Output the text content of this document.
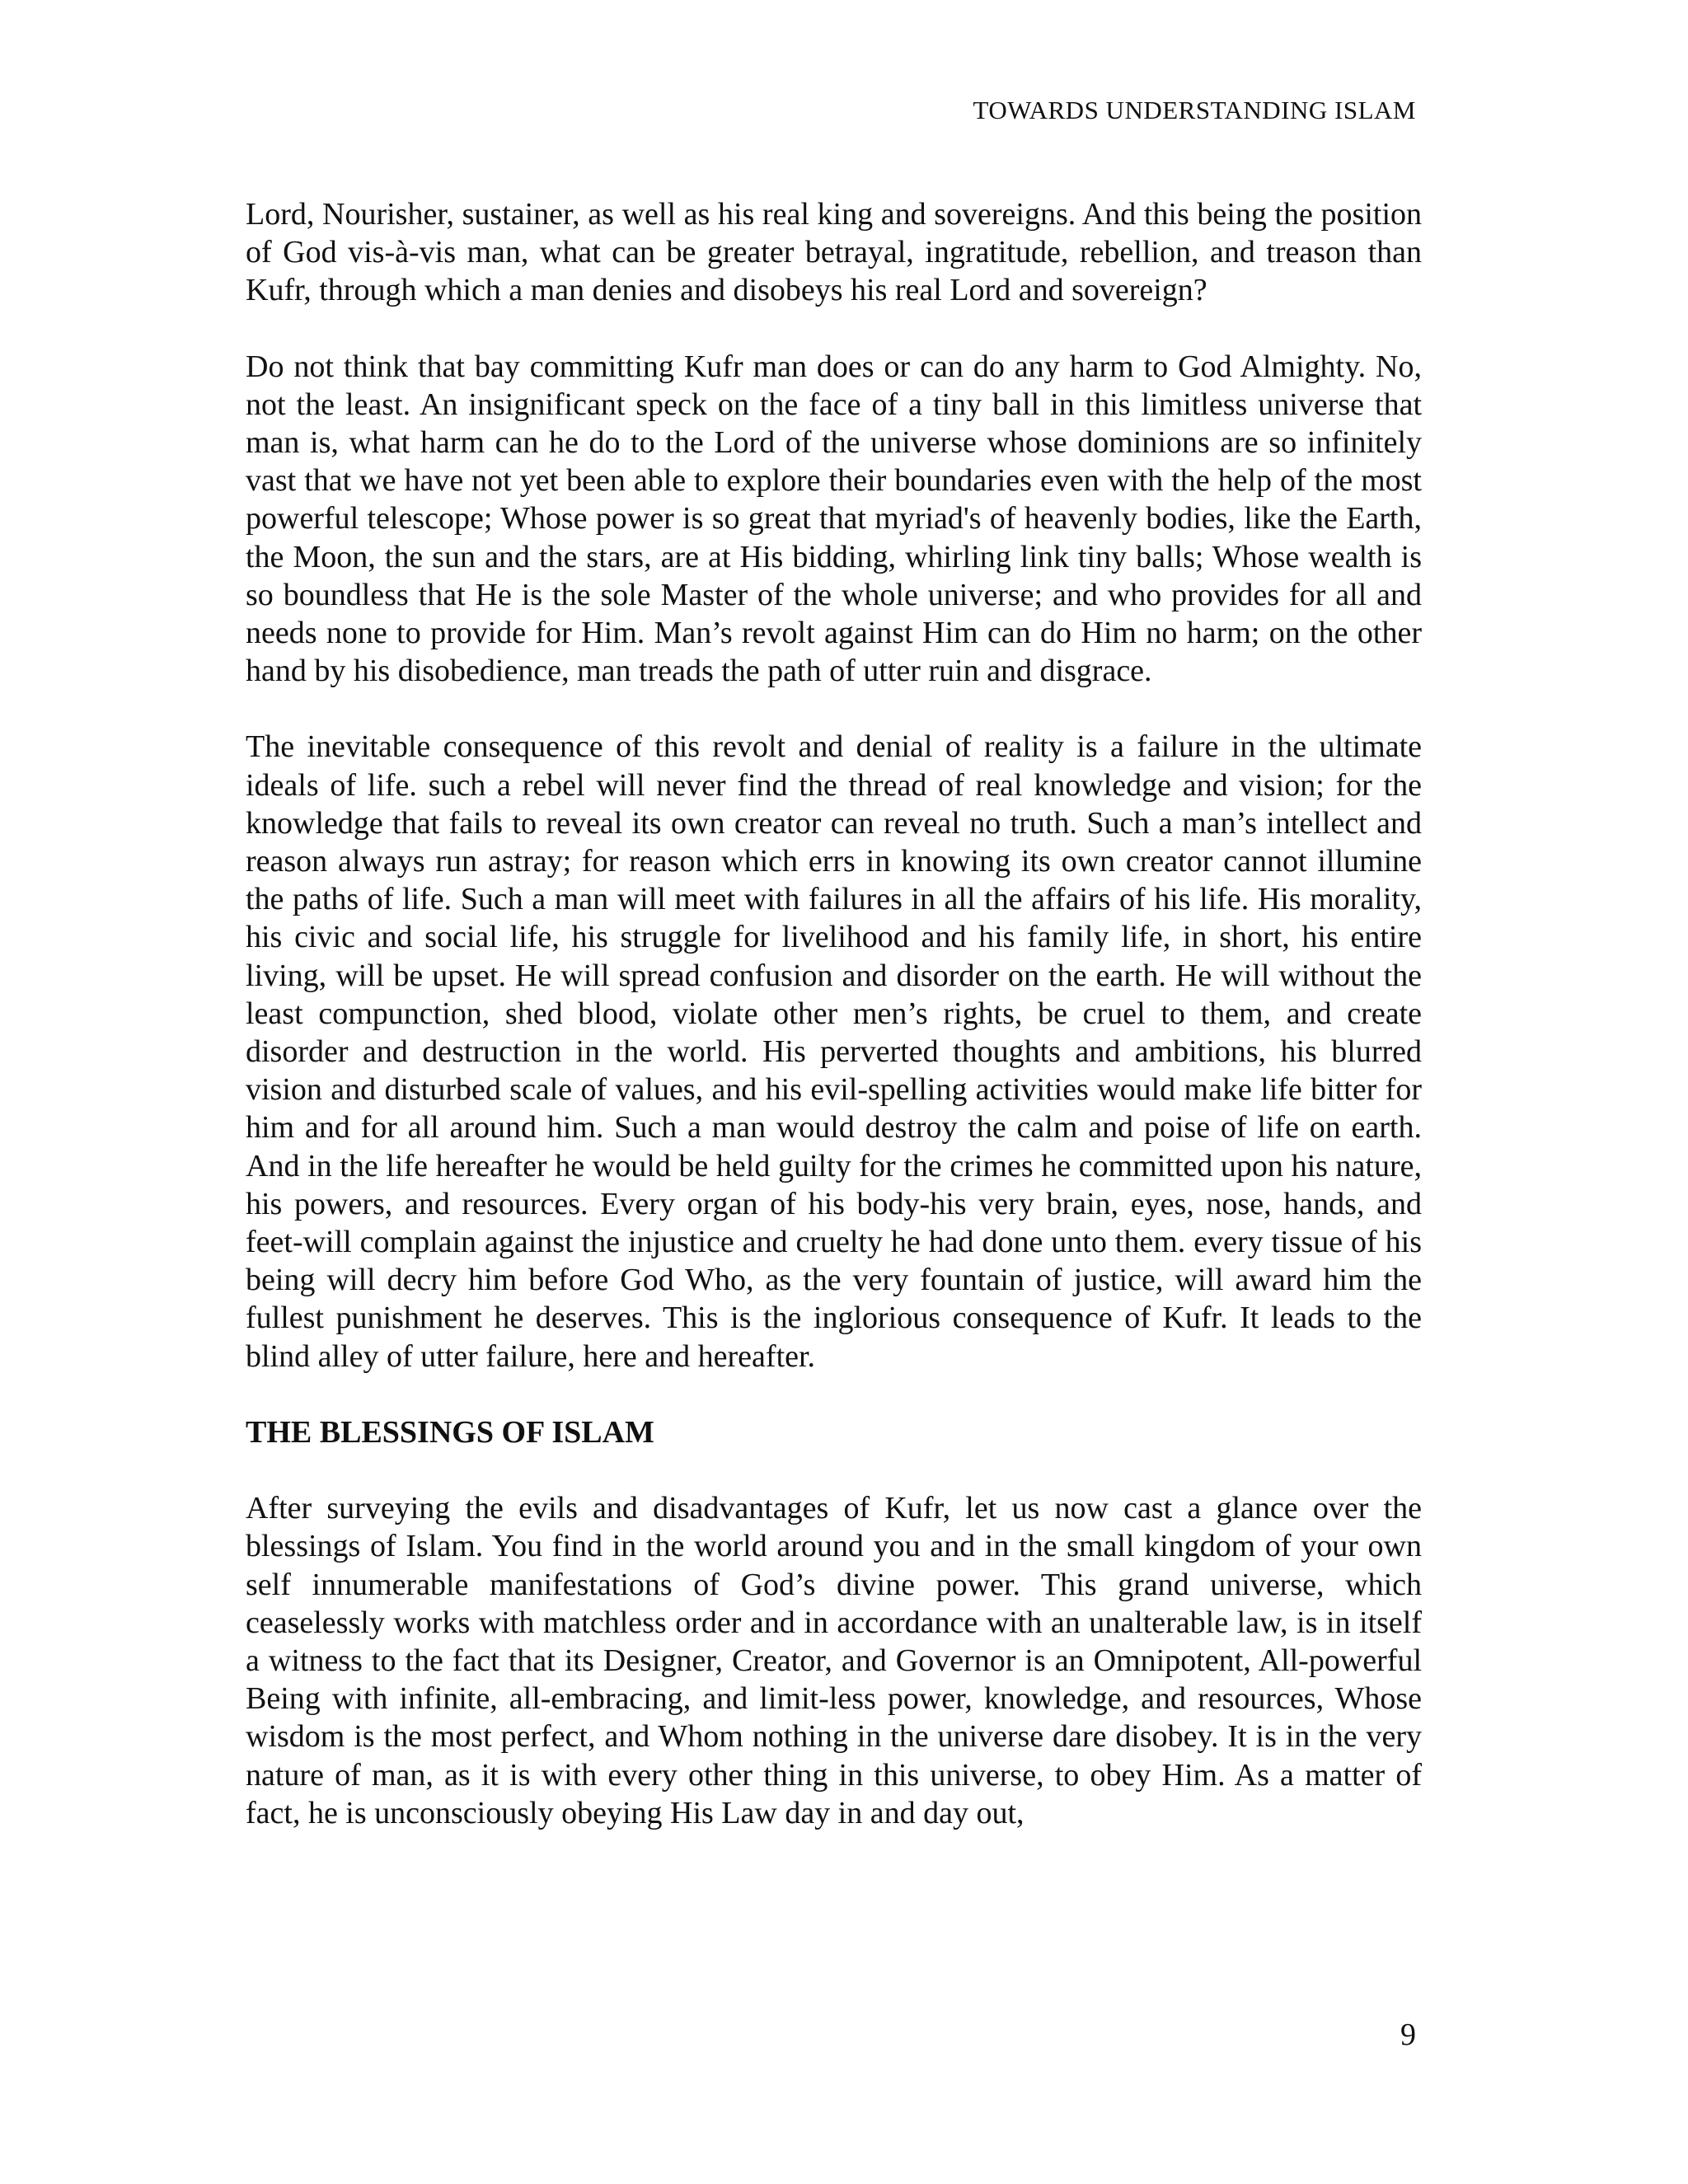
TOWARDS UNDERSTANDING ISLAM

Lord, Nourisher, sustainer, as well as his real king and sovereigns. And this being the position of God vis-à-vis man, what can be greater betrayal, ingratitude, rebellion, and treason than Kufr, through which a man denies and disobeys his real Lord and sovereign?

Do not think that bay committing Kufr man does or can do any harm to God Almighty. No, not the least. An insignificant speck on the face of a tiny ball in this limitless universe that man is, what harm can he do to the Lord of the universe whose dominions are so infinitely vast that we have not yet been able to explore their boundaries even with the help of the most powerful telescope; Whose power is so great that myriad's of heavenly bodies, like the Earth, the Moon, the sun and the stars, are at His bidding, whirling link tiny balls; Whose wealth is so boundless that He is the sole Master of the whole universe; and who provides for all and needs none to provide for Him. Man’s revolt against Him can do Him no harm; on the other hand by his disobedience, man treads the path of utter ruin and disgrace.

The inevitable consequence of this revolt and denial of reality is a failure in the ultimate ideals of life. such a rebel will never find the thread of real knowledge and vision; for the knowledge that fails to reveal its own creator can reveal no truth. Such a man’s intellect and reason always run astray; for reason which errs in knowing its own creator cannot illumine the paths of life. Such a man will meet with failures in all the affairs of his life. His morality, his civic and social life, his struggle for livelihood and his family life, in short, his entire living, will be upset. He will spread confusion and disorder on the earth. He will without the least compunction, shed blood, violate other men’s rights, be cruel to them, and create disorder and destruction in the world. His perverted thoughts and ambitions, his blurred vision and disturbed scale of values, and his evil-spelling activities would make life bitter for him and for all around him. Such a man would destroy the calm and poise of life on earth. And in the life hereafter he would be held guilty for the crimes he committed upon his nature, his powers, and resources. Every organ of his body-his very brain, eyes, nose, hands, and feet-will complain against the injustice and cruelty he had done unto them. every tissue of his being will decry him before God Who, as the very fountain of justice, will award him the fullest punishment he deserves. This is the inglorious consequence of Kufr. It leads to the blind alley of utter failure, here and hereafter.

THE BLESSINGS OF ISLAM

After surveying the evils and disadvantages of Kufr, let us now cast a glance over the blessings of Islam. You find in the world around you and in the small kingdom of your own self innumerable manifestations of God’s divine power. This grand universe, which ceaselessly works with matchless order and in accordance with an unalterable law, is in itself a witness to the fact that its Designer, Creator, and Governor is an Omnipotent, All-powerful Being with infinite, all-embracing, and limit-less power, knowledge, and resources, Whose wisdom is the most perfect, and Whom nothing in the universe dare disobey. It is in the very nature of man, as it is with every other thing in this universe, to obey Him. As a matter of fact, he is unconsciously obeying His Law day in and day out,

9
